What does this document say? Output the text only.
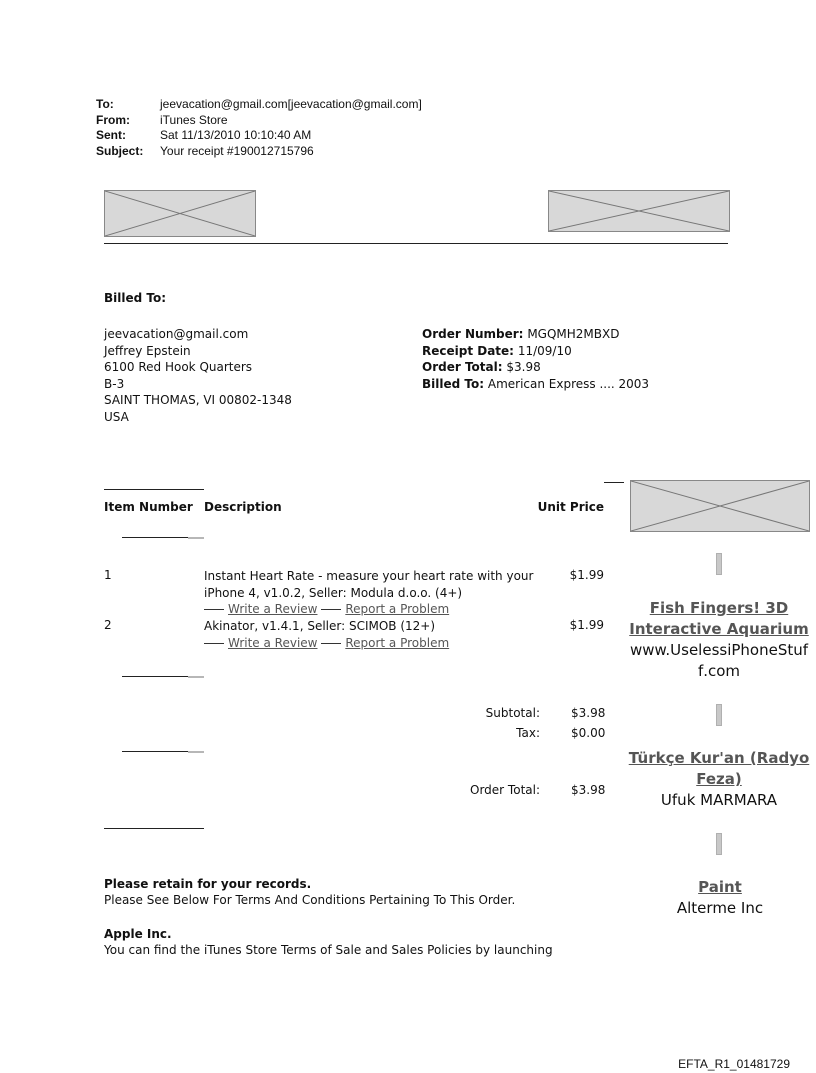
To:	jeevacation@gmail.com[jeevacation@gmail.com]
From:	iTunes Store
Sent:	Sat 11/13/2010 10:10:40 AM
Subject:	Your receipt #190012715796
Billed To:
jeevacation@gmail.com
Jeffrey Epstein
6100 Red Hook Quarters
B-3
SAINT THOMAS, VI 00802-1348
USA
Order Number: MGQMH2MBXD
Receipt Date: 11/09/10
Order Total: $3.98
Billed To: American Express .... 2003
Item Number Description	Unit Price
1	Instant Heart Rate - measure your heart rate with your
iPhone 4, v1.0.2, Seller: Modula d.o.o. (4+)
Write a Review Report a Problem
$1.99
2	Akinator, v1.4.1, Seller: SCIMOB (12+)
Write a Review Report a Problem
$1.99
Subtotal:	$3.98
Tax:	$0.00
Order Total:	$3.98
Please retain for your records.
Please See Below For Terms And Conditions Pertaining To This Order.
Apple Inc.
You can find the iTunes Store Terms of Sale and Sales Policies by launching
Fish Fingers! 3D Interactive Aquarium
www.UselessiPhoneStuff.com
Türkçe Kur'an (Radyo Feza)
Ufuk MARMARA
Paint
Alterme Inc
EFTA_R1_01481729
